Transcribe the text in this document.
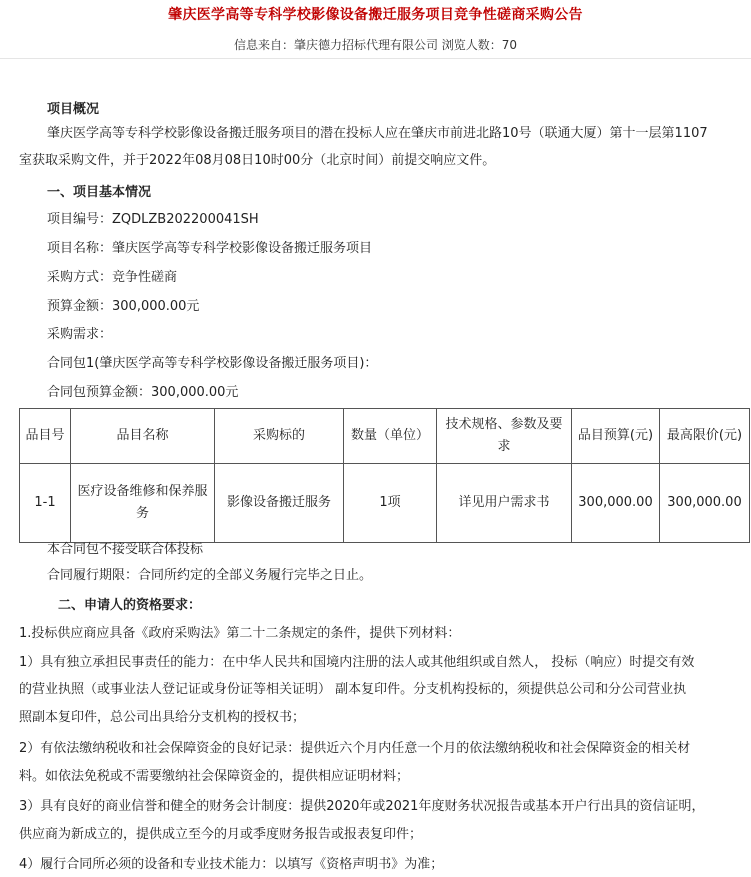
肇庆医学高等专科学校影像设备搬迁服务项目竞争性磋商采购公告
信息来自：肇庆德力招标代理有限公司 浏览人数：70
项目概况
肇庆医学高等专科学校影像设备搬迁服务项目的潜在投标人应在肇庆市前进北路10号（联通大厦）第十一层第1107
室获取采购文件，并于2022年08月08日10时00分（北京时间）前提交响应文件。
一、项目基本情况
项目编号：ZQDLZB202200041SH
项目名称：肇庆医学高等专科学校影像设备搬迁服务项目
采购方式：竞争性磋商
预算金额：300,000.00元
采购需求：
合同包1(肇庆医学高等专科学校影像设备搬迁服务项目)：
合同包预算金额：300,000.00元
品目号	品目名称	采购标的	数量（单位）	技术规格、参数及要求	品目预算(元)	最高限价(元)
1-1	医疗设备维修和保养服务	影像设备搬迁服务	1项	详见用户需求书	300,000.00	300,000.00
本合同包不接受联合体投标
合同履行期限：合同所约定的全部义务履行完毕之日止。
二、申请人的资格要求：
1.投标供应商应具备《政府采购法》第二十二条规定的条件，提供下列材料：
1）具有独立承担民事责任的能力：在中华人民共和国境内注册的法人或其他组织或自然人， 投标（响应）时提交有效
的营业执照（或事业法人登记证或身份证等相关证明） 副本复印件。分支机构投标的，须提供总公司和分公司营业执
照副本复印件，总公司出具给分支机构的授权书；
2）有依法缴纳税收和社会保障资金的良好记录：提供近六个月内任意一个月的依法缴纳税收和社会保障资金的相关材
料。如依法免税或不需要缴纳社会保障资金的，提供相应证明材料；
3）具有良好的商业信誉和健全的财务会计制度：提供2020年或2021年度财务状况报告或基本开户行出具的资信证明，
供应商为新成立的，提供成立至今的月或季度财务报告或报表复印件；
4）履行合同所必须的设备和专业技术能力：以填写《资格声明书》为准；
